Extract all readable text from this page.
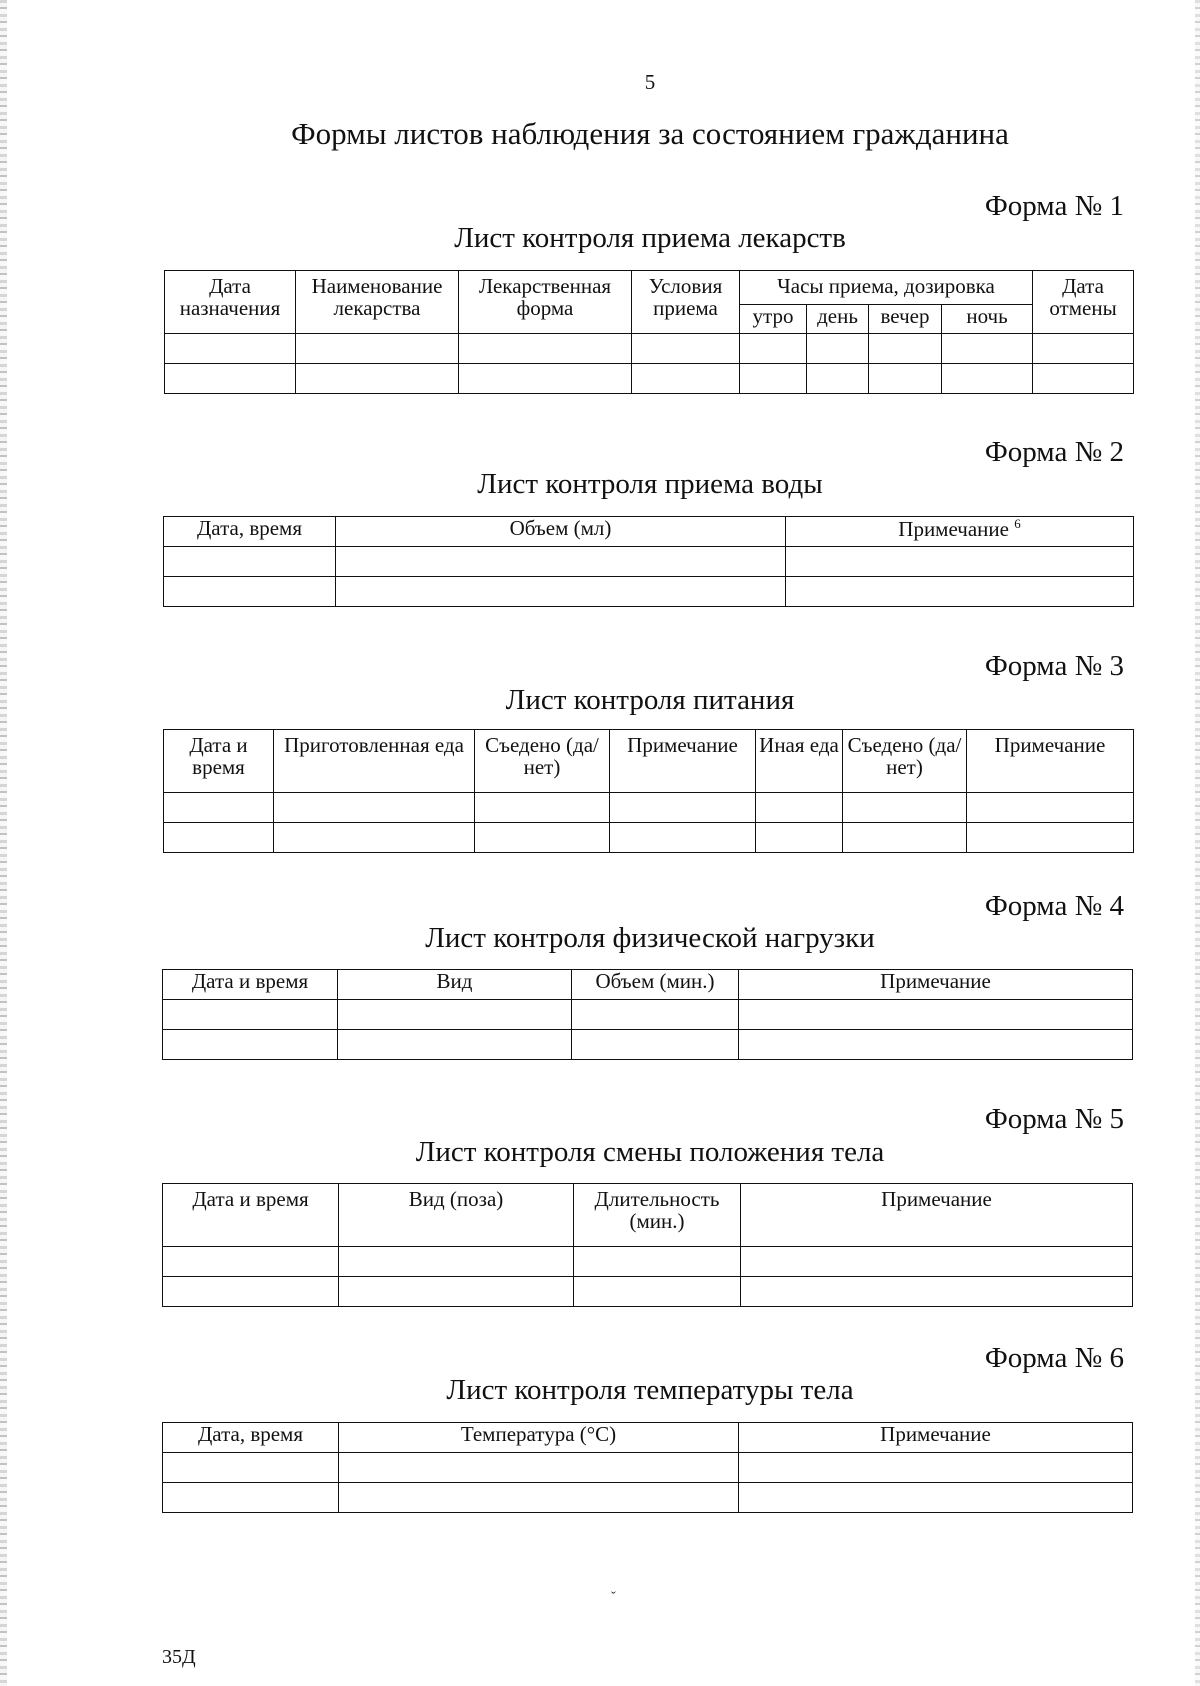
5
Формы листов наблюдения за состоянием гражданина
Форма № 1
Лист контроля приема лекарств
Дата назначения	Наименование лекарства	Лекарственная форма	Условия приема	Часы приема, дозировка				Дата отмены
				утро	день	вечер	ночь	

Форма № 2
Лист контроля приема воды
Дата, время	Объем (мл)	Примечание $^6$

Форма № 3
Лист контроля питания
Дата и время	Приготовленная еда	Съедено (да/нет)	Примечание	Иная еда	Съедено (да/нет)	Примечание

Форма № 4
Лист контроля физической нагрузки
Дата и время	Вид	Объем (мин.)	Примечание

Форма № 5
Лист контроля смены положения тела
Дата и время	Вид (поза)	Длительность (мин.)	Примечание

Форма № 6
Лист контроля температуры тела
Дата, время	Температура (°C)	Примечание

ˇ
35Д
